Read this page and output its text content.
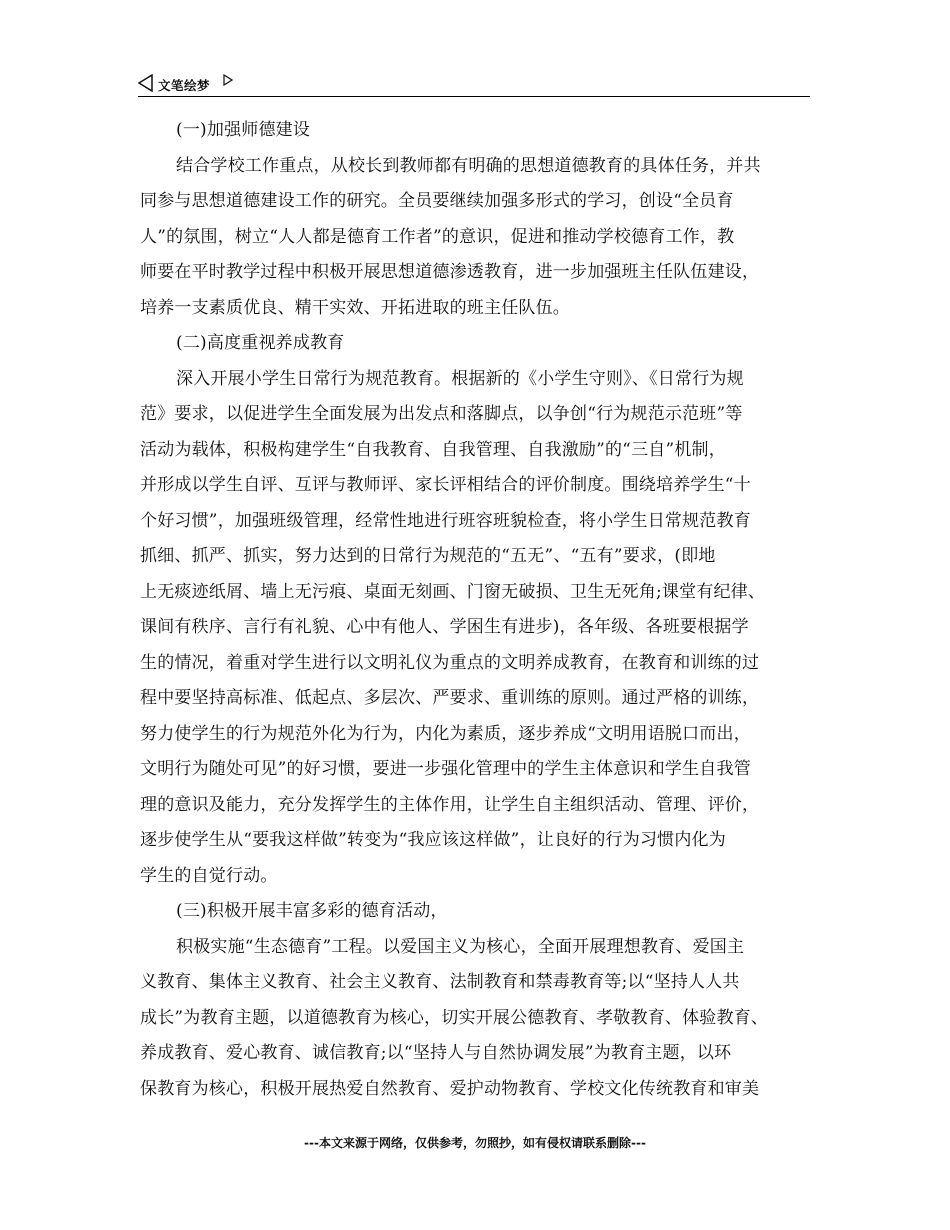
文笔绘梦
(一)加强师德建设
结合学校工作重点，从校长到教师都有明确的思想道德教育的具体任务，并共
同参与思想道德建设工作的研究。全员要继续加强多形式的学习，创设“全员育
人”的氛围，树立“人人都是德育工作者”的意识，促进和推动学校德育工作，教
师要在平时教学过程中积极开展思想道德渗透教育，进一步加强班主任队伍建设，
培养一支素质优良、精干实效、开拓进取的班主任队伍。
(二)高度重视养成教育
深入开展小学生日常行为规范教育。根据新的《小学生守则》、《日常行为规
范》要求，以促进学生全面发展为出发点和落脚点，以争创“行为规范示范班”等
活动为载体，积极构建学生“自我教育、自我管理、自我激励”的“三自”机制，
并形成以学生自评、互评与教师评、家长评相结合的评价制度。围绕培养学生“十
个好习惯”，加强班级管理，经常性地进行班容班貌检查，将小学生日常规范教育
抓细、抓严、抓实，努力达到的日常行为规范的“五无”、“五有”要求，(即地
上无痰迹纸屑、墙上无污痕、桌面无刻画、门窗无破损、卫生无死角;课堂有纪律、
课间有秩序、言行有礼貌、心中有他人、学困生有进步)，各年级、各班要根据学
生的情况，着重对学生进行以文明礼仪为重点的文明养成教育，在教育和训练的过
程中要坚持高标准、低起点、多层次、严要求、重训练的原则。通过严格的训练，
努力使学生的行为规范外化为行为，内化为素质，逐步养成“文明用语脱口而出，
文明行为随处可见”的好习惯，要进一步强化管理中的学生主体意识和学生自我管
理的意识及能力，充分发挥学生的主体作用，让学生自主组织活动、管理、评价，
逐步使学生从“要我这样做”转变为“我应该这样做”，让良好的行为习惯内化为
学生的自觉行动。
(三)积极开展丰富多彩的德育活动，
积极实施“生态德育”工程。以爱国主义为核心，全面开展理想教育、爱国主
义教育、集体主义教育、社会主义教育、法制教育和禁毒教育等;以“坚持人人共
成长”为教育主题，以道德教育为核心，切实开展公德教育、孝敬教育、体验教育、
养成教育、爱心教育、诚信教育;以“坚持人与自然协调发展”为教育主题，以环
保教育为核心，积极开展热爱自然教育、爱护动物教育、学校文化传统教育和审美
---本文来源于网络，仅供参考，勿照抄，如有侵权请联系删除---
